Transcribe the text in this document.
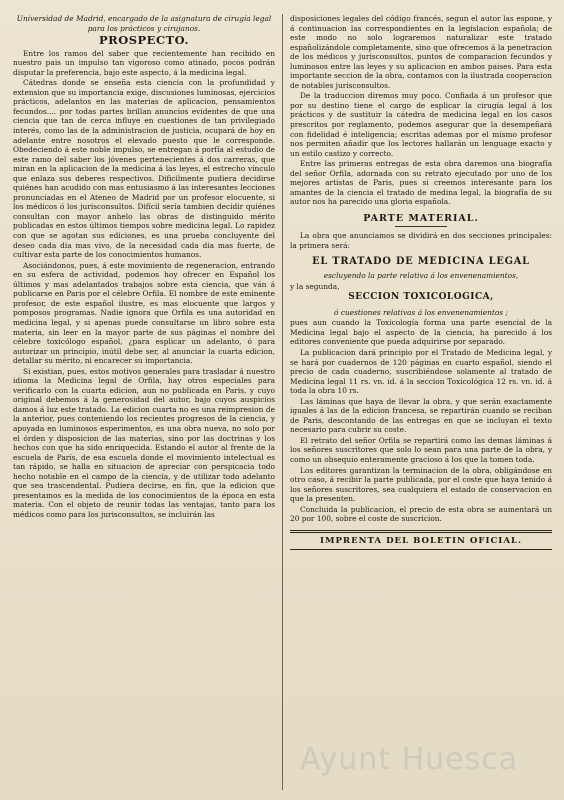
Universidad de Madrid, encargado de la asignatura de cirugía legal para los prácticos y cirujanos.

PROSPECTO.

Entre los ramos del saber que recientemente han recibido en nuestro pais un impulso tan vigoroso como atinado, pocos podrán disputar la preferencia, bajo este aspecto, á la medicina legal.

Cátedras donde se enseña esta ciencia con la profundidad y extension que su importancia exige, discusiones luminosas, ejercicios prácticos, adelantos en las materias de aplicacion, pensamientos fecundos.... por todas partes brillan anuncios evidentes de que una ciencia que tan de cerca influye en cuestiones de tan privilegiado interés, como las de la administracion de justicia, ocupará de hoy en adelante entre nosotros el elevado puesto que le corresponde. Obedeciendo á este noble impulso, se entregan á porfía al estudio de este ramo del saber los jóvenes pertenecientes á dos carreras, que miran en la aplicacion de la medicina á las leyes, el estrecho vínculo que enlaza sus deberes respectivos. Dificilmente pudiera decidirse quiénes han acudido con mas entusiasmo á las interesantes lecciones pronunciadas en el Ateneo de Madrid por un profesor elocuente, si los médicos ó los jurisconsultos. Difícil sería tambien decidir quiénes consultan con mayor anhelo las obras de distinguido mérito publicadas en estos últimos tiempos sobre medicina legal. Lo rapidez con que se agotan sus ediciones, es una prueba concluyente del deseo cada dia mas vivo, de la necesidad cada dia mas fuerte, de cultivar esta parte de los conocimientos humanos.

Asociándonos, pues, á este movimiento de regeneracion, entrando en su esfera de actividad, podemos hoy ofrecer en Español los últimos y mas adelantados trabajos sobre esta ciencia, que ván á publicarse en Paris por el célebre Orfila. El nombre de este eminente profesor, de este español ilustre, es mas elocuente que largos y pomposos programas. Nadie ignora que Orfila es una autoridad en medicina legal, y si apenas puede consultarse un libro sobre esta materia, sin leer en la mayor parte de sus páginas el nombre del célebre toxicólogo español, ¿para esplicar un adelanto, ó para autorizar un principio, inútil debe ser, al anunciar la cuarta edicion, detallar su mérito, ni encarecer su importancia.

Si existian, pues, estos motivos generales para trasladar á nuestro idioma la Medicina legal de Orfila, hay otros especiales para verificarlo con la cuarta edicion, aun no publicada en Paris, y cuyo original debemos á la generosidad del autor, bajo cuyos auspicios damos á luz este tratado. La edicion cuarta no es una reimpresion de la anterior, pues conteniendo los recientes progresos de la ciencia, y apoyada en luminosos esperimentos, es una obra nueva, no solo por el órden y disposicion de las materias, sino por las doctrinas y los hechos con que ha sido enriquecida. Estando el autor al frente de la escuela de París, de esa escuela donde el movimiento intelectual es tan rápido, se halla en situacion de apreciar con perspicacia todo hecho notable en el campo de la ciencia, y de utilizar todo adelanto que sea trascendental. Pudiera decirse, en fin, que la edicion que presentamos es la medida de los conocimientos de la época en esta materia. Con el objeto de reunir todas las ventajas, tanto para los médicos como para los jurisconsultos, se incluirán las

disposiciones legales del código francés, segun el autor las espone, y á continuacion las correspondientes en la legislacion española; de este modo no solo lograremos naturalizar este tratado españolizándole completamente, sino que ofrecemos á la penetracion de los médicos y jurisconsultos, puntos de comparacion fecundos y luminosos entre las leyes y su aplicacion en ambos paises. Para esta importante seccion de la obra, contamos con la ilustrada cooperacion de notables jurisconsultos.

De la traduccion diremos muy poco. Confiada á un profesor que por su destino tiene el cargo de esplicar la cirugía legal á los prácticos y de sustituir la cátedra de medicina legal en los casos prescritos por reglamento, podemos asegurar que la desempeñará con fidelidad é inteligencia; escritas ademas por el mismo profesor nos permiten añadir que los lectores hallarán un lenguage exacto y un estilo castizo y correcto.

Entre las primeras entregas de esta obra daremos una biografía del señor Orfila, adornada con su retrato ejecutado por uno de los mejores artistas de Paris, pues si creemos interesante para los amantes de la ciencia el tratado de medina legal, la biografía de su autor nos ha parecido una gloria española.

PARTE MATERIAL.

La obra que anunciamos se dividirá en dos secciones principales: la primera será:

EL TRATADO DE MEDICINA LEGAL

escluyendo la parte relativa á los envenenamientos,

y la segunda,

SECCION TOXICOLOGICA,

ó cuestiones relativas á los envenenamientos ;

pues aun cuando la Toxicología forma una parte esencial de la Medicina legal bajo el aspecto de la ciencia, ha parecido á los editores conveniente que pueda adquirirse por separado.

La publicacion dará principio por el Tratado de Medicina legal, y se hará por cuadernos de 120 páginas en cuarto español, siendo el precio de cada cuaderno, suscribiéndose solamente al tratado de Medicina legal 11 rs. vn. id. á la seccion Toxicológica 12 rs. vn. id. á toda la obra 10 rs.

Las láminas que haya de llevar la obra, y que serán exactamente iguales á las de la edicion francesa, se repartirán cuando se reciban de Paris, descontando de las entregas en que se incluyan el texto necesario para cubrir su coste.

El retrato del señor Orfila se repartirá como las demas láminas á los señores suscritores que solo lo sean para una parte de la obra, y como un obsequio enteramente gracioso á los que la tomen toda.

Los editores garantizan la terminacion de la obra, obligándose en otro caso, á recibir la parte publicada, por el coste que haya tenido á los señores suscritores, sea cualquiera el estado de conservacion en que la presenten.

Concluida la publicacion, el precio de esta obra se aumentará un 20 por 100, sobre el coste de suscricion.

IMPRENTA DEL BOLETIN OFICIAL.
Ayunt Huesca
